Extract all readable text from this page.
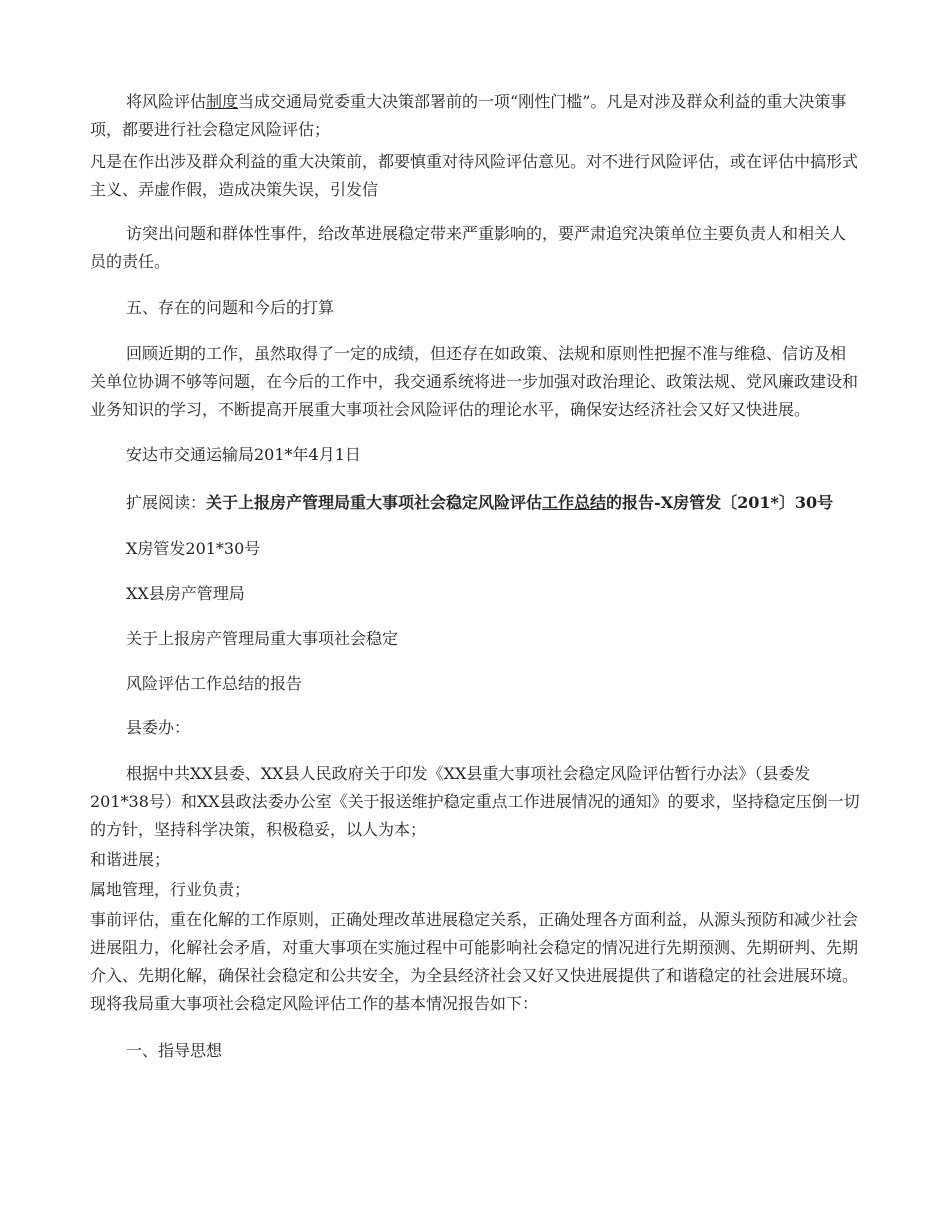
将风险评估制度当成交通局党委重大决策部署前的一项“刚性门槛”。凡是对涉及群众利益的重大决策事项，都要进行社会稳定风险评估；

凡是在作出涉及群众利益的重大决策前，都要慎重对待风险评估意见。对不进行风险评估，或在评估中搞形式主义、弄虚作假，造成决策失误，引发信

访突出问题和群体性事件，给改革进展稳定带来严重影响的，要严肃追究决策单位主要负责人和相关人员的责任。

五、存在的问题和今后的打算

回顾近期的工作，虽然取得了一定的成绩，但还存在如政策、法规和原则性把握不准与维稳、信访及相关单位协调不够等问题，在今后的工作中，我交通系统将进一步加强对政治理论、政策法规、党风廉政建设和业务知识的学习，不断提高开展重大事项社会风险评估的理论水平，确保安达经济社会又好又快进展。

安达市交通运输局201*年4月1日

扩展阅读：关于上报房产管理局重大事项社会稳定风险评估工作总结的报告-X房管发〔201*〕30号

X房管发201*30号

XX县房产管理局

关于上报房产管理局重大事项社会稳定

风险评估工作总结的报告

县委办：

根据中共XX县委、XX县人民政府关于印发《XX县重大事项社会稳定风险评估暂行办法》（县委发201*38号）和XX县政法委办公室《关于报送维护稳定重点工作进展情况的通知》的要求，坚持稳定压倒一切的方针，坚持科学决策，积极稳妥，以人为本；

和谐进展；

属地管理，行业负责；

事前评估，重在化解的工作原则，正确处理改革进展稳定关系，正确处理各方面利益，从源头预防和减少社会进展阻力，化解社会矛盾，对重大事项在实施过程中可能影响社会稳定的情况进行先期预测、先期研判、先期介入、先期化解，确保社会稳定和公共安全，为全县经济社会又好又快进展提供了和谐稳定的社会进展环境。现将我局重大事项社会稳定风险评估工作的基本情况报告如下：

一、指导思想
